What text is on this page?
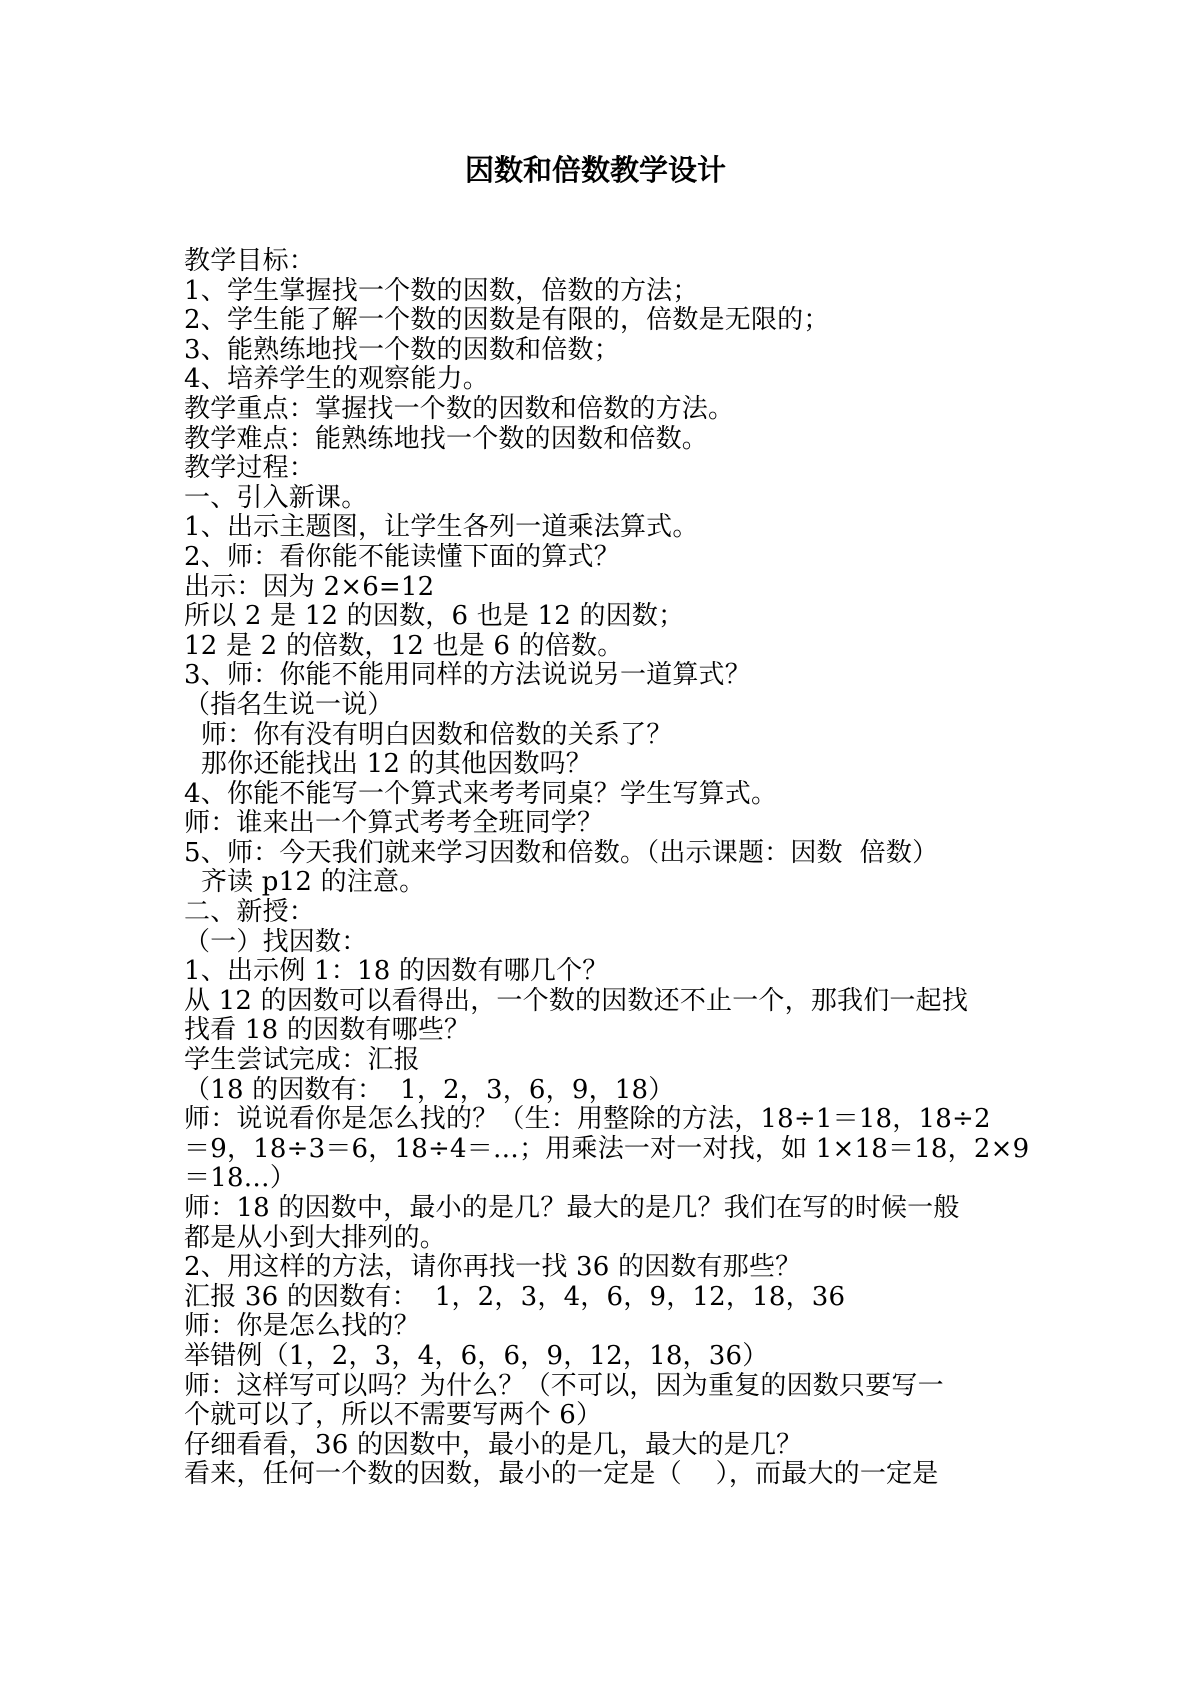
因数和倍数教学设计
教学目标：
1、学生掌握找一个数的因数，倍数的方法；
2、学生能了解一个数的因数是有限的，倍数是无限的；
3、能熟练地找一个数的因数和倍数；
4、培养学生的观察能力。
教学重点：掌握找一个数的因数和倍数的方法。
教学难点：能熟练地找一个数的因数和倍数。
教学过程：
一、引入新课。
1、出示主题图，让学生各列一道乘法算式。
2、师：看你能不能读懂下面的算式？
出示：因为 2×6=12
所以 2 是 12 的因数，6 也是 12 的因数；
12 是 2 的倍数，12 也是 6 的倍数。
3、师：你能不能用同样的方法说说另一道算式？
（指名生说一说）
师：你有没有明白因数和倍数的关系了？
那你还能找出 12 的其他因数吗？
4、你能不能写一个算式来考考同桌？学生写算式。
师：谁来出一个算式考考全班同学？
5、师：今天我们就来学习因数和倍数。（出示课题：因数  倍数）
齐读 p12 的注意。
二、新授：
（一）找因数：
1、出示例 1：18 的因数有哪几个？
从 12 的因数可以看得出，一个数的因数还不止一个，那我们一起找
找看 18 的因数有哪些？
学生尝试完成：汇报
（18 的因数有：  1，2，3，6，9，18）
师：说说看你是怎么找的？（生：用整除的方法，18÷1＝18，18÷2
＝9，18÷3＝6，18÷4＝…；用乘法一对一对找，如 1×18＝18，2×9
＝18…）
师：18 的因数中，最小的是几？最大的是几？我们在写的时候一般
都是从小到大排列的。
2、用这样的方法，请你再找一找 36 的因数有那些？
汇报 36 的因数有：  1，2，3，4，6，9，12，18，36
师：你是怎么找的？
举错例（1，2，3，4，6，6，9，12，18，36）
师：这样写可以吗？为什么？（不可以，因为重复的因数只要写一
个就可以了，所以不需要写两个 6）
仔细看看，36 的因数中，最小的是几，最大的是几？
看来，任何一个数的因数，最小的一定是（    ），而最大的一定是
